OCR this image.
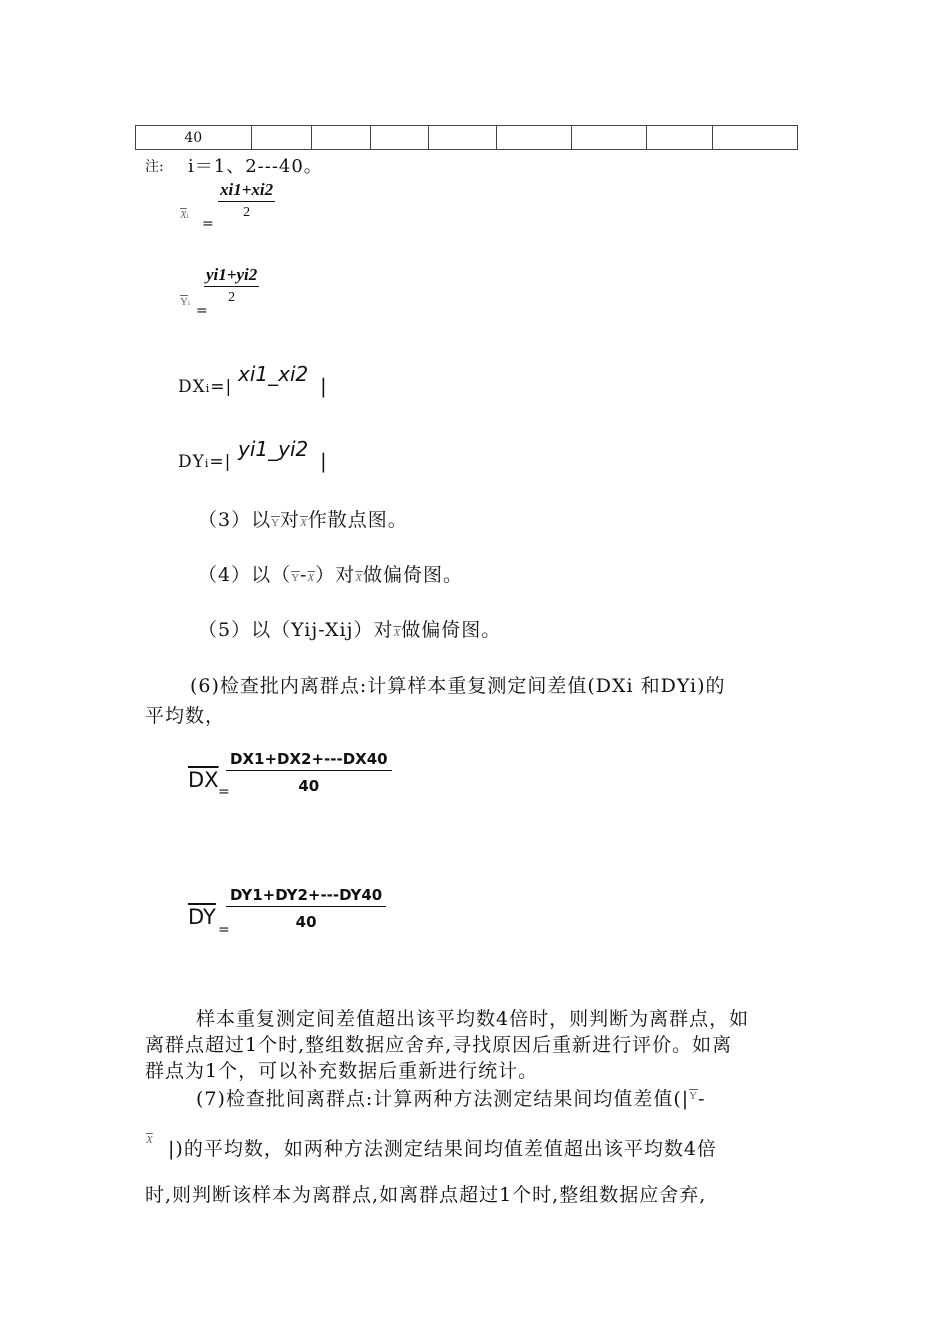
40								
注: i＝1、2---40。
$\overline{X}i$ =
xi1+xi2
2
$\overline{Y}i$ =
yi1+yi2
2
DXi=|
xi1_xi2 |
DYi=|
yi1_yi2 |
（3）以$\overline{Y}$对$\overline{X}$作散点图。
（4）以$(\overline{Y}-\overline{X})$对$\overline{X}$做偏倚图。
（5）以（Yij-Xij）对$\overline{X}$做偏倚图。
(6)检查批内离群点:计算样本重复测定间差值(DXi 和DYi)的
平均数，
$\overline{DX}$ =
$\frac{DX1+DX2+---DX40}{40}$
$\overline{DY}$
=
$\frac{DY1+DY2+---DY40}{40}$
样本重复测定间差值超出该平均数4倍时，则判断为离群点，如
离群点超过1个时,整组数据应舍弃,寻找原因后重新进行评价。如离
群点为1个，可以补充数据后重新进行统计。
(7)检查批间离群点:计算两种方法测定结果间均值差值($|^{\overline{Y}}-$
$\overline{X}$ |)的平均数，如两种方法测定结果间均值差值超出该平均数4倍
时,则判断该样本为离群点,如离群点超过1个时,整组数据应舍弃,
